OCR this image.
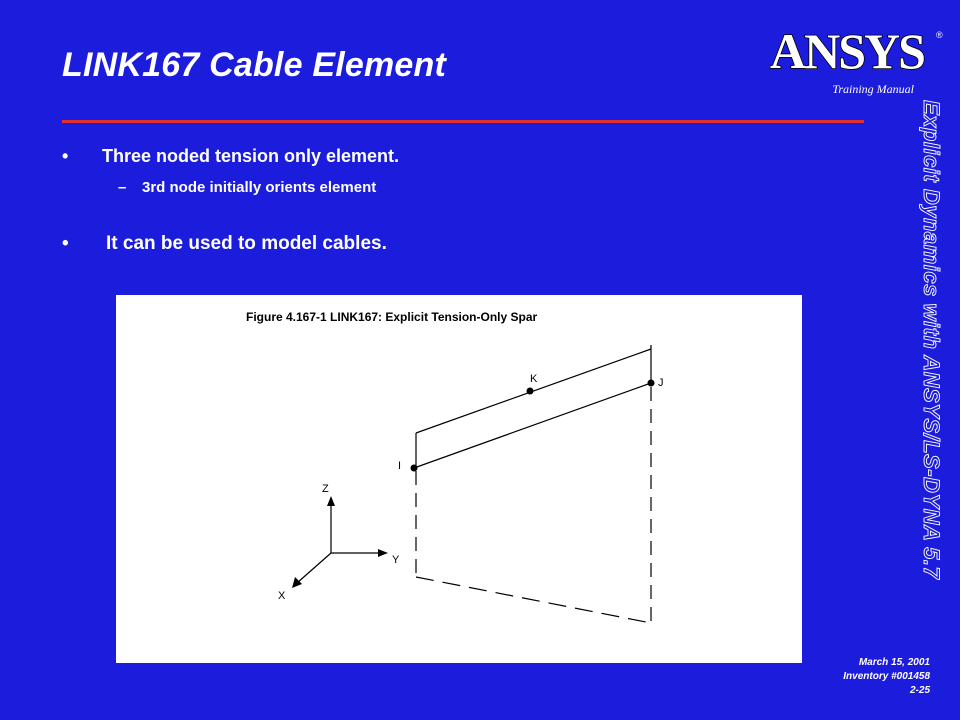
LINK167 Cable Element	ANSYS ®
Training Manual
Explicit Dynamics with ANSYS/LS-DYNA 5.7
• Three noded tension only element.
– 3rd node initially orients element
• It can be used to model cables.
Figure 4.167-1 LINK167: Explicit Tension-Only Spar
I
K	J
Z
Y
X
March 15, 2001
Inventory #001458
2-25
